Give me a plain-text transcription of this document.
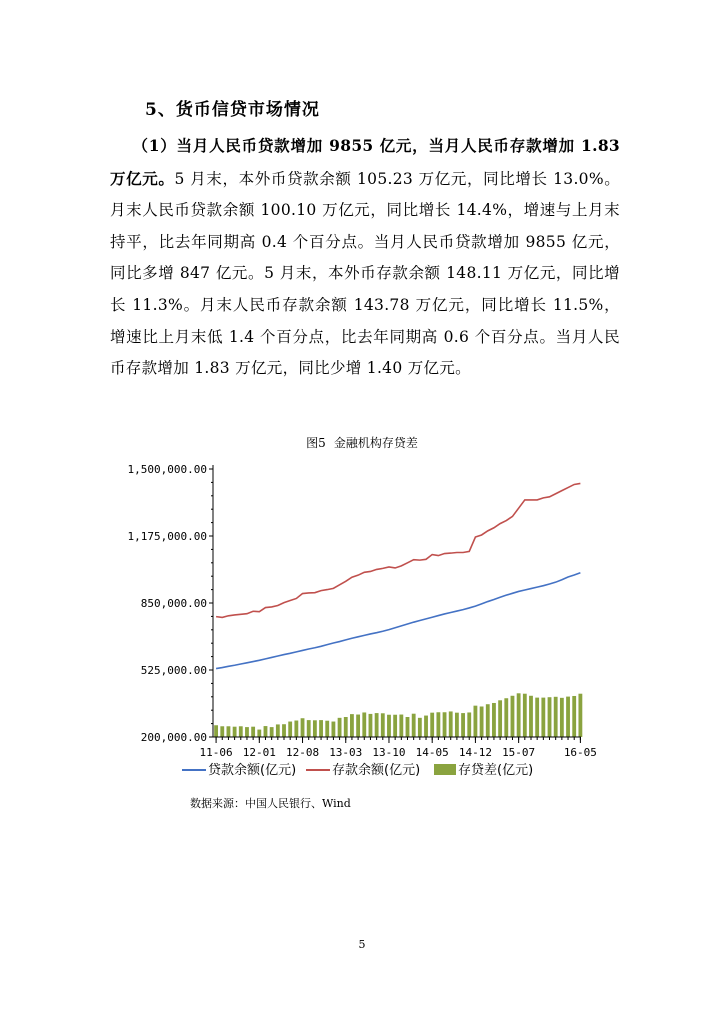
5、货币信贷市场情况

（1）当月人民币贷款增加 9855 亿元，当月人民币存款增加 1.83 万亿元。5 月末，本外币贷款余额 105.23 万亿元，同比增长 13.0%。月末人民币贷款余额 100.10 万亿元，同比增长 14.4%，增速与上月末持平，比去年同期高 0.4 个百分点。当月人民币贷款增加 9855 亿元，同比多增 847 亿元。5 月末，本外币存款余额 148.11 万亿元，同比增长 11.3%。月末人民币存款余额 143.78 万亿元，同比增长 11.5%，增速比上月末低 1.4 个百分点，比去年同期高 0.6 个百分点。当月人民币存款增加 1.83 万亿元，同比少增 1.40 万亿元。

图5 金融机构存贷差

1,500,000.00
1,175,000.00
850,000.00
525,000.00
200,000.00
11-06 12-01 12-08 13-03 13-10 14-05 14-12 15-07	16-05
贷款余额(亿元)	存款余额(亿元)	存贷差(亿元)

数据来源：中国人民银行、Wind

5
